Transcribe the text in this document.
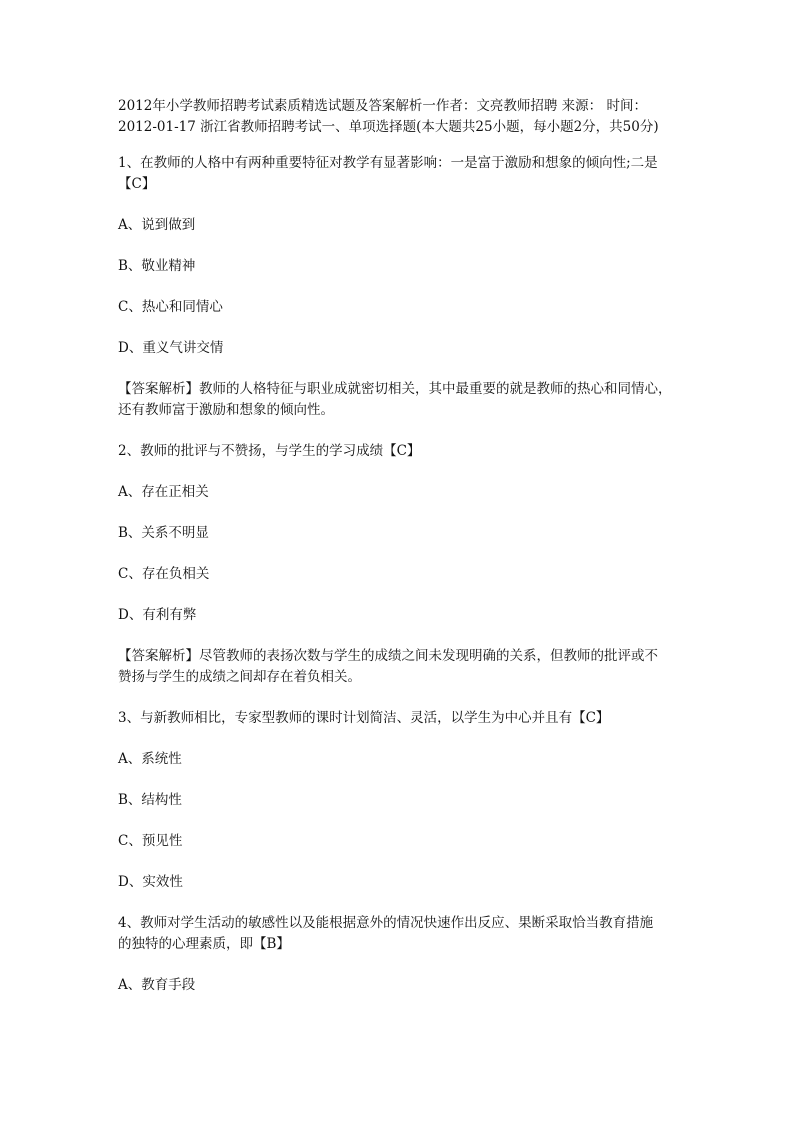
2012年小学教师招聘考试素质精选试题及答案解析一作者：文亮教师招聘 来源： 时间：
2012-01-17 浙江省教师招聘考试一、单项选择题(本大题共25小题，每小题2分，共50分)

1、在教师的人格中有两种重要特征对教学有显著影响：一是富于激励和想象的倾向性;二是
【C】

A、说到做到

B、敬业精神

C、热心和同情心

D、重义气讲交情

【答案解析】教师的人格特征与职业成就密切相关，其中最重要的就是教师的热心和同情心，
还有教师富于激励和想象的倾向性。

2、教师的批评与不赞扬，与学生的学习成绩【C】

A、存在正相关

B、关系不明显

C、存在负相关

D、有利有弊

【答案解析】尽管教师的表扬次数与学生的成绩之间未发现明确的关系，但教师的批评或不
赞扬与学生的成绩之间却存在着负相关。

3、与新教师相比，专家型教师的课时计划简洁、灵活，以学生为中心并且有【C】

A、系统性

B、结构性

C、预见性

D、实效性

4、教师对学生活动的敏感性以及能根据意外的情况快速作出反应、果断采取恰当教育措施
的独特的心理素质，即【B】

A、教育手段
